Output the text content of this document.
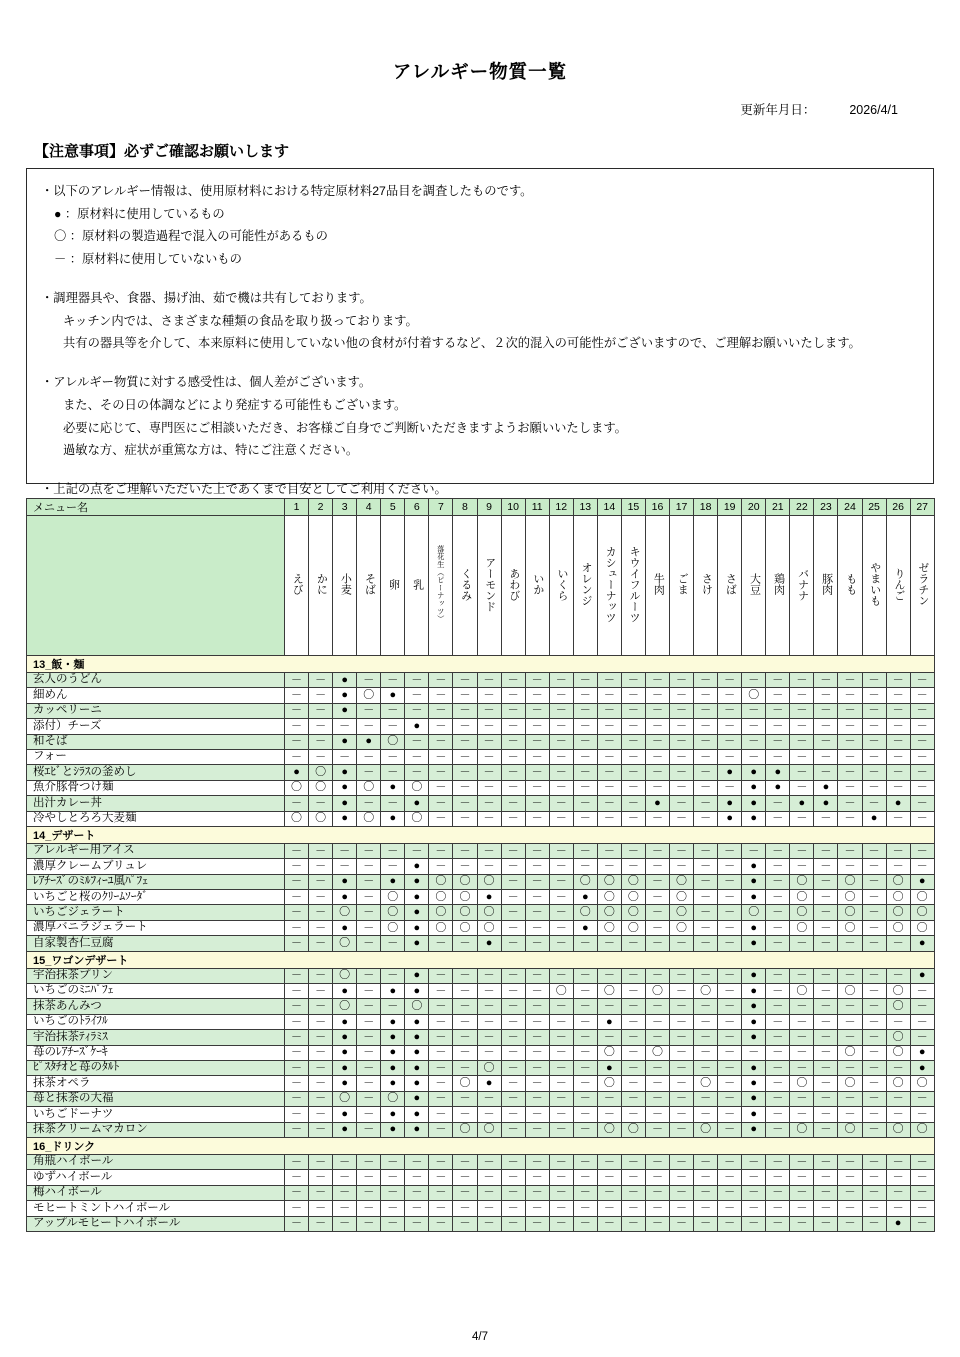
アレルギー物質一覧
更新年月日：	2026/4/1
【注意事項】必ずご確認お願いします
・以下のアレルギー情報は、使用原材料における特定原材料27品目を調査したものです。
● ：原材料に使用しているもの
〇 ：原材料の製造過程で混入の可能性があるもの
－ ：原材料に使用していないもの
・調理器具や、食器、揚げ油、茹で機は共有しております。
キッチン内では、さまざまな種類の食品を取り扱っております。
共有の器具等を介して、本来原料に使用していない他の食材が付着するなど、２次的混入の可能性がございますので、ご理解お願いいたします。
・アレルギー物質に対する感受性は、個人差がございます。
また、その日の体調などにより発症する可能性もございます。
必要に応じて、専門医にご相談いただき、お客様ご自身でご判断いただきますようお願いいたします。
過敏な方、症状が重篤な方は、特にご注意ください。
・上記の点をご理解いただいた上であくまで目安としてご利用ください。
メニュー名	1	2	3	4	5	6	7	8	9	10	11	12	13	14	15	16	17	18	19	20	21	22	23	24	25	26	27
	えび	かに	小麦	そば	卵	乳	落花生（ピーナッツ）	くるみ	アーモンド	あわび	いか	いくら	オレンジ	カシューナッツ	キウイフルーツ	牛肉	ごま	さけ	さば	大豆	鶏肉	バナナ	豚肉	もも	やまいも	りんご	ゼラチン
13_飯・麺																											
玄人のうどん	－	－	●	－	－	－	－	－	－	－	－	－	－	－	－	－	－	－	－	－	－	－	－	－	－	－	－
細めん	－	－	●	〇	●	－	－	－	－	－	－	－	－	－	－	－	－	－	－	〇	－	－	－	－	－	－	－
カッペリーニ	－	－	●	－	－	－	－	－	－	－	－	－	－	－	－	－	－	－	－	－	－	－	－	－	－	－	－
添付）チーズ	－	－	－	－	－	●	－	－	－	－	－	－	－	－	－	－	－	－	－	－	－	－	－	－	－	－	－
和そば	－	－	●	●	〇	－	－	－	－	－	－	－	－	－	－	－	－	－	－	－	－	－	－	－	－	－	－
フォー	－	－	－	－	－	－	－	－	－	－	－	－	－	－	－	－	－	－	－	－	－	－	－	－	－	－	－
桜ｴﾋﾞとｼﾗｽの釜めし	●	〇	●	－	－	－	－	－	－	－	－	－	－	－	－	－	－	－	●	●	●	－	－	－	－	－	－
魚介豚骨つけ麺	〇	〇	●	〇	●	〇	－	－	－	－	－	－	－	－	－	－	－	－	－	●	●	－	●	－	－	－	－
出汁カレー丼	－	－	●	－	－	●	－	－	－	－	－	－	－	－	－	●	－	－	●	●	－	●	●	－	－	●	－
冷やしとろろ大麦麺	〇	〇	●	〇	●	〇	－	－	－	－	－	－	－	－	－	－	－	－	●	●	－	－	－	－	●	－	－
14_デザート																											
アレルギー用アイス	－	－	－	－	－	－	－	－	－	－	－	－	－	－	－	－	－	－	－	－	－	－	－	－	－	－	－
濃厚クレームブリュレ	－	－	－	－	－	●	－	－	－	－	－	－	－	－	－	－	－	－	－	●	－	－	－	－	－	－	－
ﾚｱﾁｰｽﾞのﾐﾙﾌｨｰﾕ風ﾊﾟﾌｪ	－	－	●	－	●	●	〇	〇	〇	－	－	－	〇	〇	〇	－	〇	－	－	●	－	〇	－	〇	－	〇	●
いちごと桜のｸﾘｰﾑｿｰﾀﾞ	－	－	●	－	〇	●	〇	〇	●	－	－	－	●	〇	〇	－	〇	－	－	●	－	〇	－	〇	－	〇	〇
いちごジェラート	－	－	〇	－	〇	●	〇	〇	〇	－	－	－	〇	〇	〇	－	〇	－	－	〇	－	〇	－	〇	－	〇	〇
濃厚バニラジェラート	－	－	●	－	〇	●	〇	〇	〇	－	－	－	●	〇	〇	－	〇	－	－	●	－	〇	－	〇	－	〇	〇
自家製杏仁豆腐	－	－	〇	－	－	●	－	－	●	－	－	－	－	－	－	－	－	－	－	●	－	－	－	－	－	－	●
15_ワゴンデザート																											
宇治抹茶プリン	－	－	〇	－	－	●	－	－	－	－	－	－	－	－	－	－	－	－	－	●	－	－	－	－	－	－	●
いちごのﾐﾆﾊﾟﾌｪ	－	－	●	－	●	●	－	－	－	－	－	〇	－	〇	－	〇	－	〇	－	●	－	〇	－	〇	－	〇	－
抹茶あんみつ	－	－	〇	－	－	〇	－	－	－	－	－	－	－	－	－	－	－	－	－	●	－	－	－	－	－	〇	－
いちごのﾄﾗｲﾌﾙ	－	－	●	－	●	●	－	－	－	－	－	－	－	●	－	－	－	－	－	●	－	－	－	－	－	－	－
宇治抹茶ﾃｨﾗﾐｽ	－	－	●	－	●	●	－	－	－	－	－	－	－	－	－	－	－	－	－	●	－	－	－	－	－	〇	－
苺のﾚｱﾁｰｽﾞｹｰｷ	－	－	●	－	●	●	－	－	－	－	－	－	－	〇	－	〇	－	－	－	－	－	－	－	〇	－	〇	●
ﾋﾟｽﾀﾁｵと苺のﾀﾙﾄ	－	－	●	－	●	●	－	－	〇	－	－	－	－	●	－	－	－	－	－	●	－	－	－	－	－	－	●
抹茶オペラ	－	－	●	－	●	●	－	〇	●	－	－	－	－	〇	－	－	－	〇	－	●	－	〇	－	〇	－	〇	〇
苺と抹茶の大福	－	－	〇	－	〇	●	－	－	－	－	－	－	－	－	－	－	－	－	－	●	－	－	－	－	－	－	－
いちごドーナツ	－	－	●	－	●	●	－	－	－	－	－	－	－	－	－	－	－	－	－	●	－	－	－	－	－	－	－
抹茶クリームマカロン	－	－	●	－	●	●	－	〇	〇	－	－	－	－	〇	〇	－	－	〇	－	●	－	〇	－	〇	－	〇	〇
16_ドリンク																											
角瓶ハイボール	－	－	－	－	－	－	－	－	－	－	－	－	－	－	－	－	－	－	－	－	－	－	－	－	－	－	－
ゆずハイボール	－	－	－	－	－	－	－	－	－	－	－	－	－	－	－	－	－	－	－	－	－	－	－	－	－	－	－
梅ハイボール	－	－	－	－	－	－	－	－	－	－	－	－	－	－	－	－	－	－	－	－	－	－	－	－	－	－	－
モヒートミントハイボール	－	－	－	－	－	－	－	－	－	－	－	－	－	－	－	－	－	－	－	－	－	－	－	－	－	－	－
アップルモヒートハイボール	－	－	－	－	－	－	－	－	－	－	－	－	－	－	－	－	－	－	－	－	－	－	－	－	－	●	－
4/7
